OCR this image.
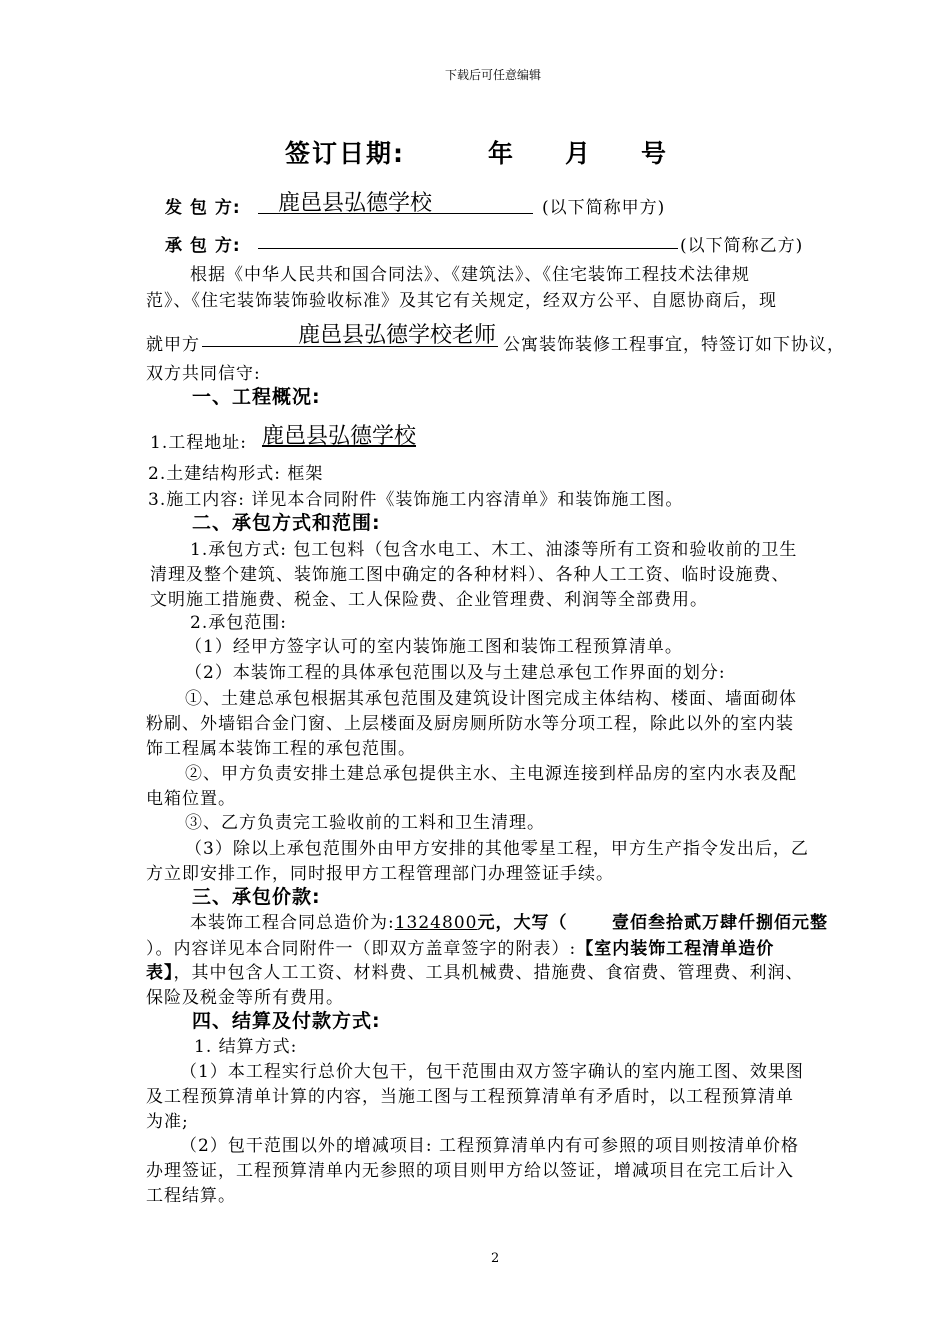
下载后可任意编辑
签订日期:	年 月 号
发 包 方:	鹿邑县弘德学校	(以下简称甲方)
承 包 方:	(以下简称乙方)
根据《中华人民共和国合同法》、《建筑法》、《住宅装饰工程技术法律规
范》、《住宅装饰装饰验收标准》及其它有关规定，经双方公平、自愿协商后，现
就甲方	鹿邑县弘德学校老师 公寓装饰装修工程事宜，特签订如下协议，
双方共同信守:
一、工程概况:
1.工程地址: 鹿邑县弘德学校
2.土建结构形式: 框架
3.施工内容: 详见本合同附件《装饰施工内容清单》和装饰施工图。
二、承包方式和范围:
1.承包方式: 包工包料（包含水电工、木工、油漆等所有工资和验收前的卫生
清理及整个建筑、装饰施工图中确定的各种材料）、各种人工工资、临时设施费、
文明施工措施费、税金、工人保险费、企业管理费、利润等全部费用。
2.承包范围:
（1）经甲方签字认可的室内装饰施工图和装饰工程预算清单。
（2）本装饰工程的具体承包范围以及与土建总承包工作界面的划分:
①、土建总承包根据其承包范围及建筑设计图完成主体结构、楼面、墙面砌体
粉刷、外墙铝合金门窗、上层楼面及厨房厕所防水等分项工程，除此以外的室内装
饰工程属本装饰工程的承包范围。
②、甲方负责安排土建总承包提供主水、主电源连接到样品房的室内水表及配
电箱位置。
③、乙方负责完工验收前的工料和卫生清理。
（3）除以上承包范围外由甲方安排的其他零星工程，甲方生产指令发出后，乙
方立即安排工作，同时报甲方工程管理部门办理签证手续。
三、承包价款:
本装饰工程合同总造价为:1324800元，大写（	壹佰叁拾贰万肆仟捌佰元整
）。内容详见本合同附件一（即双方盖章签字的附表）:【室内装饰工程清单造价
表】，其中包含人工工资、材料费、工具机械费、措施费、食宿费、管理费、利润、
保险及税金等所有费用。
四、结算及付款方式:
1. 结算方式:
（1）本工程实行总价大包干，包干范围由双方签字确认的室内施工图、效果图
及工程预算清单计算的内容，当施工图与工程预算清单有矛盾时，以工程预算清单
为准;
（2）包干范围以外的增减项目: 工程预算清单内有可参照的项目则按清单价格
办理签证，工程预算清单内无参照的项目则甲方给以签证，增减项目在完工后计入
工程结算。
2
